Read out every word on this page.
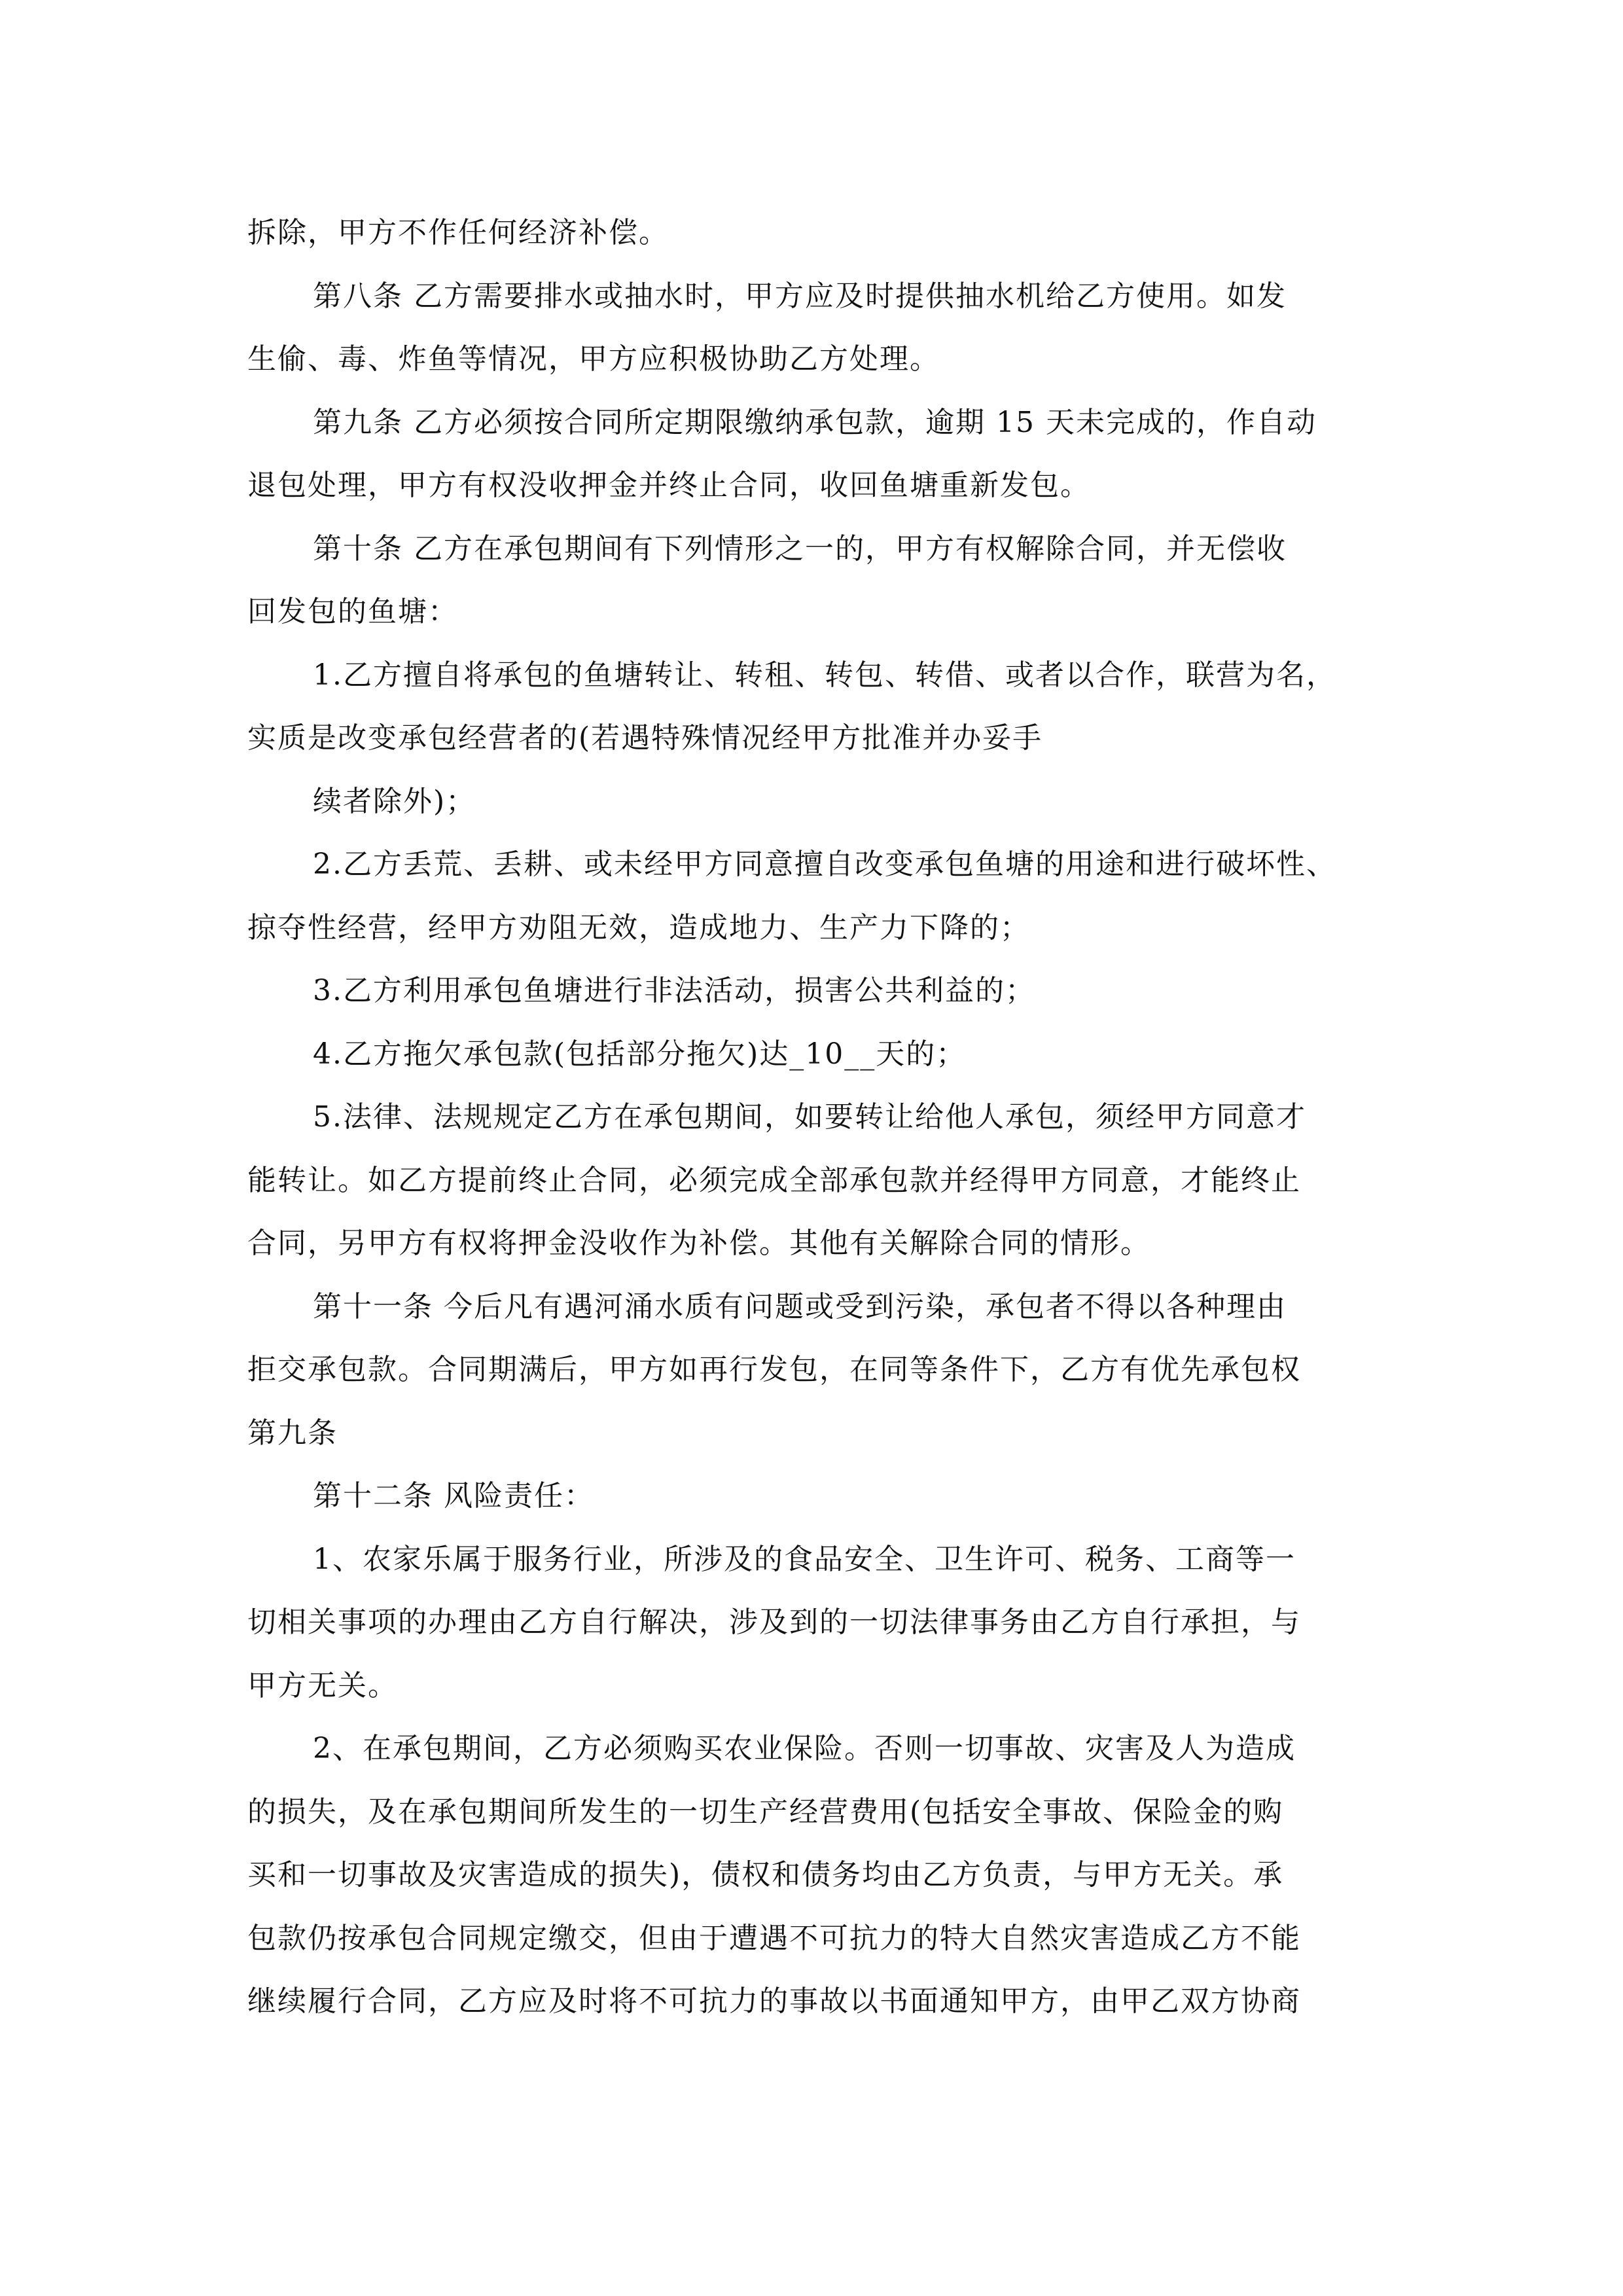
拆除，甲方不作任何经济补偿。
第八条 乙方需要排水或抽水时，甲方应及时提供抽水机给乙方使用。如发
生偷、毒、炸鱼等情况，甲方应积极协助乙方处理。
第九条 乙方必须按合同所定期限缴纳承包款，逾期 15 天未完成的，作自动
退包处理，甲方有权没收押金并终止合同，收回鱼塘重新发包。
第十条 乙方在承包期间有下列情形之一的，甲方有权解除合同，并无偿收
回发包的鱼塘：
1.乙方擅自将承包的鱼塘转让、转租、转包、转借、或者以合作，联营为名，
实质是改变承包经营者的(若遇特殊情况经甲方批准并办妥手
续者除外)；
2.乙方丢荒、丢耕、或未经甲方同意擅自改变承包鱼塘的用途和进行破坏性、
掠夺性经营，经甲方劝阻无效，造成地力、生产力下降的；
3.乙方利用承包鱼塘进行非法活动，损害公共利益的；
4.乙方拖欠承包款(包括部分拖欠)达_10__天的；
5.法律、法规规定乙方在承包期间，如要转让给他人承包，须经甲方同意才
能转让。如乙方提前终止合同，必须完成全部承包款并经得甲方同意，才能终止
合同，另甲方有权将押金没收作为补偿。其他有关解除合同的情形。
第十一条 今后凡有遇河涌水质有问题或受到污染，承包者不得以各种理由
拒交承包款。合同期满后，甲方如再行发包，在同等条件下，乙方有优先承包权
第九条
第十二条 风险责任：
1、农家乐属于服务行业，所涉及的食品安全、卫生许可、税务、工商等一
切相关事项的办理由乙方自行解决，涉及到的一切法律事务由乙方自行承担，与
甲方无关。
2、在承包期间，乙方必须购买农业保险。否则一切事故、灾害及人为造成
的损失，及在承包期间所发生的一切生产经营费用(包括安全事故、保险金的购
买和一切事故及灾害造成的损失)，债权和债务均由乙方负责，与甲方无关。承
包款仍按承包合同规定缴交，但由于遭遇不可抗力的特大自然灾害造成乙方不能
继续履行合同，乙方应及时将不可抗力的事故以书面通知甲方，由甲乙双方协商
